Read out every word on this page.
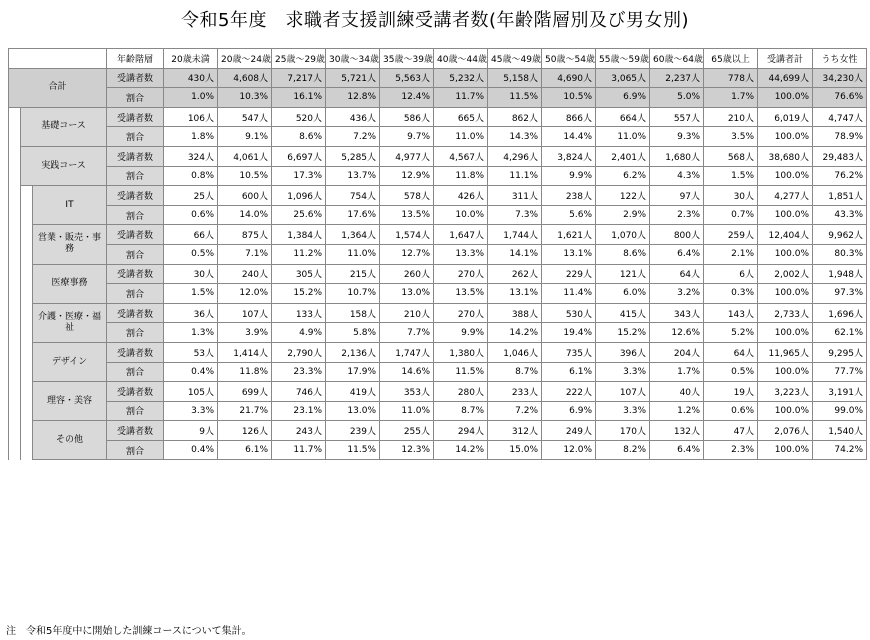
令和5年度　求職者支援訓練受講者数(年齢階層別及び男女別)
			年齢階層	20歳未満	20歳～24歳	25歳～29歳	30歳～34歳	35歳～39歳	40歳～44歳	45歳～49歳	50歳～54歳	55歳～59歳	60歳～64歳	65歳以上	受講者計	うち女性
合計			受講者数	430人	4,608人	7,217人	5,721人	5,563人	5,232人	5,158人	4,690人	3,065人	2,237人	778人	44,699人	34,230人
			割合	1.0%	10.3%	16.1%	12.8%	12.4%	11.7%	11.5%	10.5%	6.9%	5.0%	1.7%	100.0%	76.6%
	基礎コース		受講者数	106人	547人	520人	436人	586人	665人	862人	866人	664人	557人	210人	6,019人	4,747人
			割合	1.8%	9.1%	8.6%	7.2%	9.7%	11.0%	14.3%	14.4%	11.0%	9.3%	3.5%	100.0%	78.9%
	実践コース		受講者数	324人	4,061人	6,697人	5,285人	4,977人	4,567人	4,296人	3,824人	2,401人	1,680人	568人	38,680人	29,483人
			割合	0.8%	10.5%	17.3%	13.7%	12.9%	11.8%	11.1%	9.9%	6.2%	4.3%	1.5%	100.0%	76.2%
		IT	受講者数	25人	600人	1,096人	754人	578人	426人	311人	238人	122人	97人	30人	4,277人	1,851人
			割合	0.6%	14.0%	25.6%	17.6%	13.5%	10.0%	7.3%	5.6%	2.9%	2.3%	0.7%	100.0%	43.3%
		営業・販売・事務	受講者数	66人	875人	1,384人	1,364人	1,574人	1,647人	1,744人	1,621人	1,070人	800人	259人	12,404人	9,962人
			割合	0.5%	7.1%	11.2%	11.0%	12.7%	13.3%	14.1%	13.1%	8.6%	6.4%	2.1%	100.0%	80.3%
		医療事務	受講者数	30人	240人	305人	215人	260人	270人	262人	229人	121人	64人	6人	2,002人	1,948人
			割合	1.5%	12.0%	15.2%	10.7%	13.0%	13.5%	13.1%	11.4%	6.0%	3.2%	0.3%	100.0%	97.3%
		介護・医療・福祉	受講者数	36人	107人	133人	158人	210人	270人	388人	530人	415人	343人	143人	2,733人	1,696人
			割合	1.3%	3.9%	4.9%	5.8%	7.7%	9.9%	14.2%	19.4%	15.2%	12.6%	5.2%	100.0%	62.1%
		デザイン	受講者数	53人	1,414人	2,790人	2,136人	1,747人	1,380人	1,046人	735人	396人	204人	64人	11,965人	9,295人
			割合	0.4%	11.8%	23.3%	17.9%	14.6%	11.5%	8.7%	6.1%	3.3%	1.7%	0.5%	100.0%	77.7%
		理容・美容	受講者数	105人	699人	746人	419人	353人	280人	233人	222人	107人	40人	19人	3,223人	3,191人
			割合	3.3%	21.7%	23.1%	13.0%	11.0%	8.7%	7.2%	6.9%	3.3%	1.2%	0.6%	100.0%	99.0%
		その他	受講者数	9人	126人	243人	239人	255人	294人	312人	249人	170人	132人	47人	2,076人	1,540人
			割合	0.4%	6.1%	11.7%	11.5%	12.3%	14.2%	15.0%	12.0%	8.2%	6.4%	2.3%	100.0%	74.2%
注　令和5年度中に開始した訓練コースについて集計。
